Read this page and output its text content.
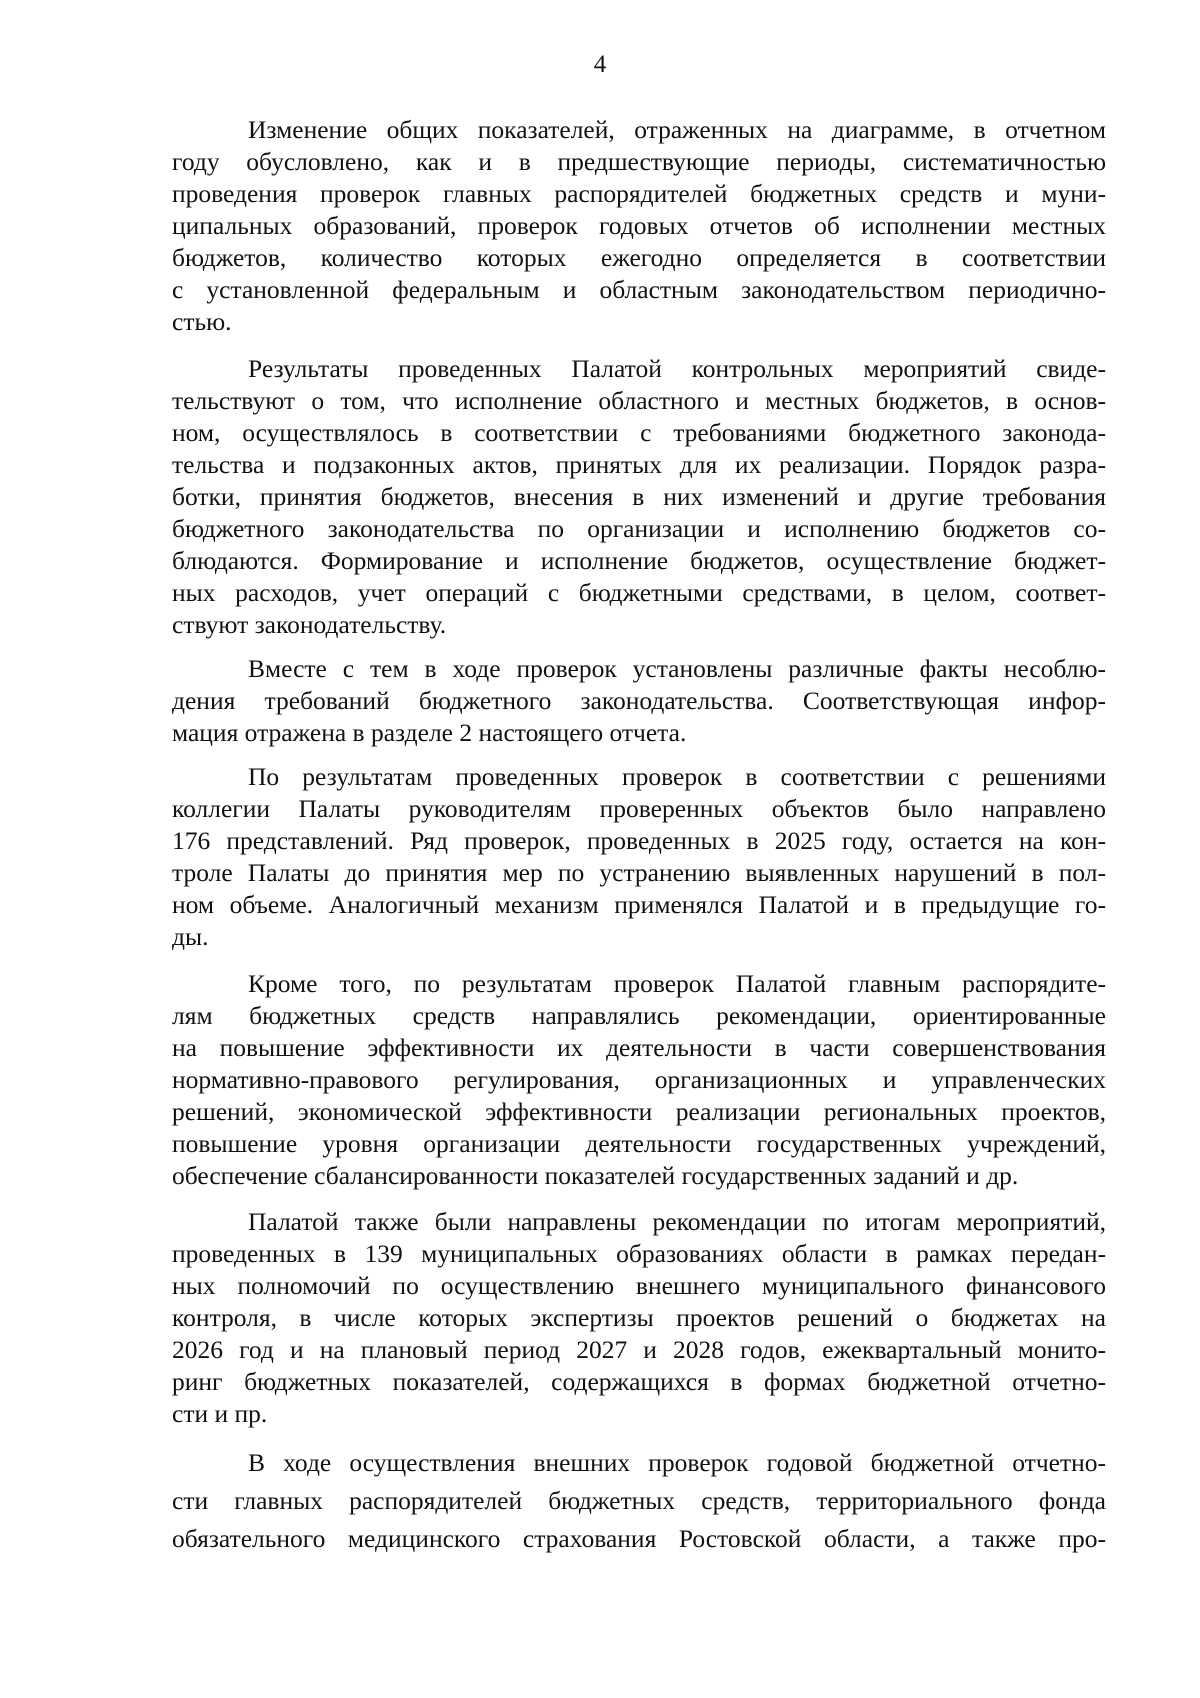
4

Изменение общих показателей, отраженных на диаграмме, в отчетном
году обусловлено, как и в предшествующие периоды, систематичностью
проведения проверок главных распорядителей бюджетных средств и муни-
ципальных образований, проверок годовых отчетов об исполнении местных
бюджетов, количество которых ежегодно определяется в соответствии
с установленной федеральным и областным законодательством периодично-
стью.

Результаты проведенных Палатой контрольных мероприятий свиде-
тельствуют о том, что исполнение областного и местных бюджетов, в основ-
ном, осуществлялось в соответствии с требованиями бюджетного законода-
тельства и подзаконных актов, принятых для их реализации. Порядок разра-
ботки, принятия бюджетов, внесения в них изменений и другие требования
бюджетного законодательства по организации и исполнению бюджетов со-
блюдаются. Формирование и исполнение бюджетов, осуществление бюджет-
ных расходов, учет операций с бюджетными средствами, в целом, соответ-
ствуют законодательству.

Вместе с тем в ходе проверок установлены различные факты несоблю-
дения требований бюджетного законодательства. Соответствующая инфор-
мация отражена в разделе 2 настоящего отчета.

По результатам проведенных проверок в соответствии с решениями
коллегии Палаты руководителям проверенных объектов было направлено
176 представлений. Ряд проверок, проведенных в 2025 году, остается на кон-
троле Палаты до принятия мер по устранению выявленных нарушений в пол-
ном объеме. Аналогичный механизм применялся Палатой и в предыдущие го-
ды.

Кроме того, по результатам проверок Палатой главным распорядите-
лям бюджетных средств направлялись рекомендации, ориентированные
на повышение эффективности их деятельности в части совершенствования
нормативно-правового регулирования, организационных и управленческих
решений, экономической эффективности реализации региональных проектов,
повышение уровня организации деятельности государственных учреждений,
обеспечение сбалансированности показателей государственных заданий и др.

Палатой также были направлены рекомендации по итогам мероприятий,
проведенных в 139 муниципальных образованиях области в рамках передан-
ных полномочий по осуществлению внешнего муниципального финансового
контроля, в числе которых экспертизы проектов решений о бюджетах на
2026 год и на плановый период 2027 и 2028 годов, ежеквартальный монито-
ринг бюджетных показателей, содержащихся в формах бюджетной отчетно-
сти и пр.

В ходе осуществления внешних проверок годовой бюджетной отчетно-
сти главных распорядителей бюджетных средств, территориального фонда
обязательного медицинского страхования Ростовской области, а также про-
